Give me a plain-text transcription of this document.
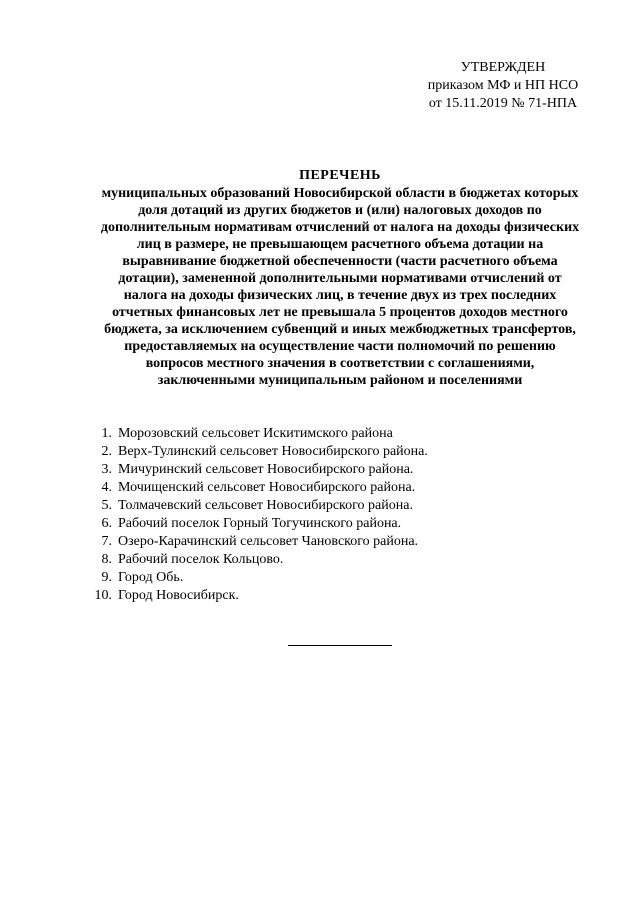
УТВЕРЖДЕН
приказом МФ и НП НСО
от 15.11.2019 № 71-НПА
ПЕРЕЧЕНЬ
муниципальных образований Новосибирской области в бюджетах которых
доля дотаций из других бюджетов и (или) налоговых доходов по
дополнительным нормативам отчислений от налога на доходы физических
лиц в размере, не превышающем расчетного объема дотации на
выравнивание бюджетной обеспеченности (части расчетного объема
дотации), замененной дополнительными нормативами отчислений от
налога на доходы физических лиц, в течение двух из трех последних
отчетных финансовых лет не превышала 5 процентов доходов местного
бюджета, за исключением субвенций и иных межбюджетных трансфертов,
предоставляемых на осуществление части полномочий по решению
вопросов местного значения в соответствии с соглашениями,
заключенными муниципальным районом и поселениями
1. Морозовский сельсовет Искитимского района
2. Верх-Тулинский сельсовет Новосибирского района.
3. Мичуринский сельсовет Новосибирского района.
4. Мочищенский сельсовет Новосибирского района.
5. Толмачевский сельсовет Новосибирского района.
6. Рабочий поселок Горный Тогучинского района.
7. Озеро-Карачинский сельсовет Чановского района.
8. Рабочий поселок Кольцово.
9. Город Обь.
10. Город Новосибирск.
